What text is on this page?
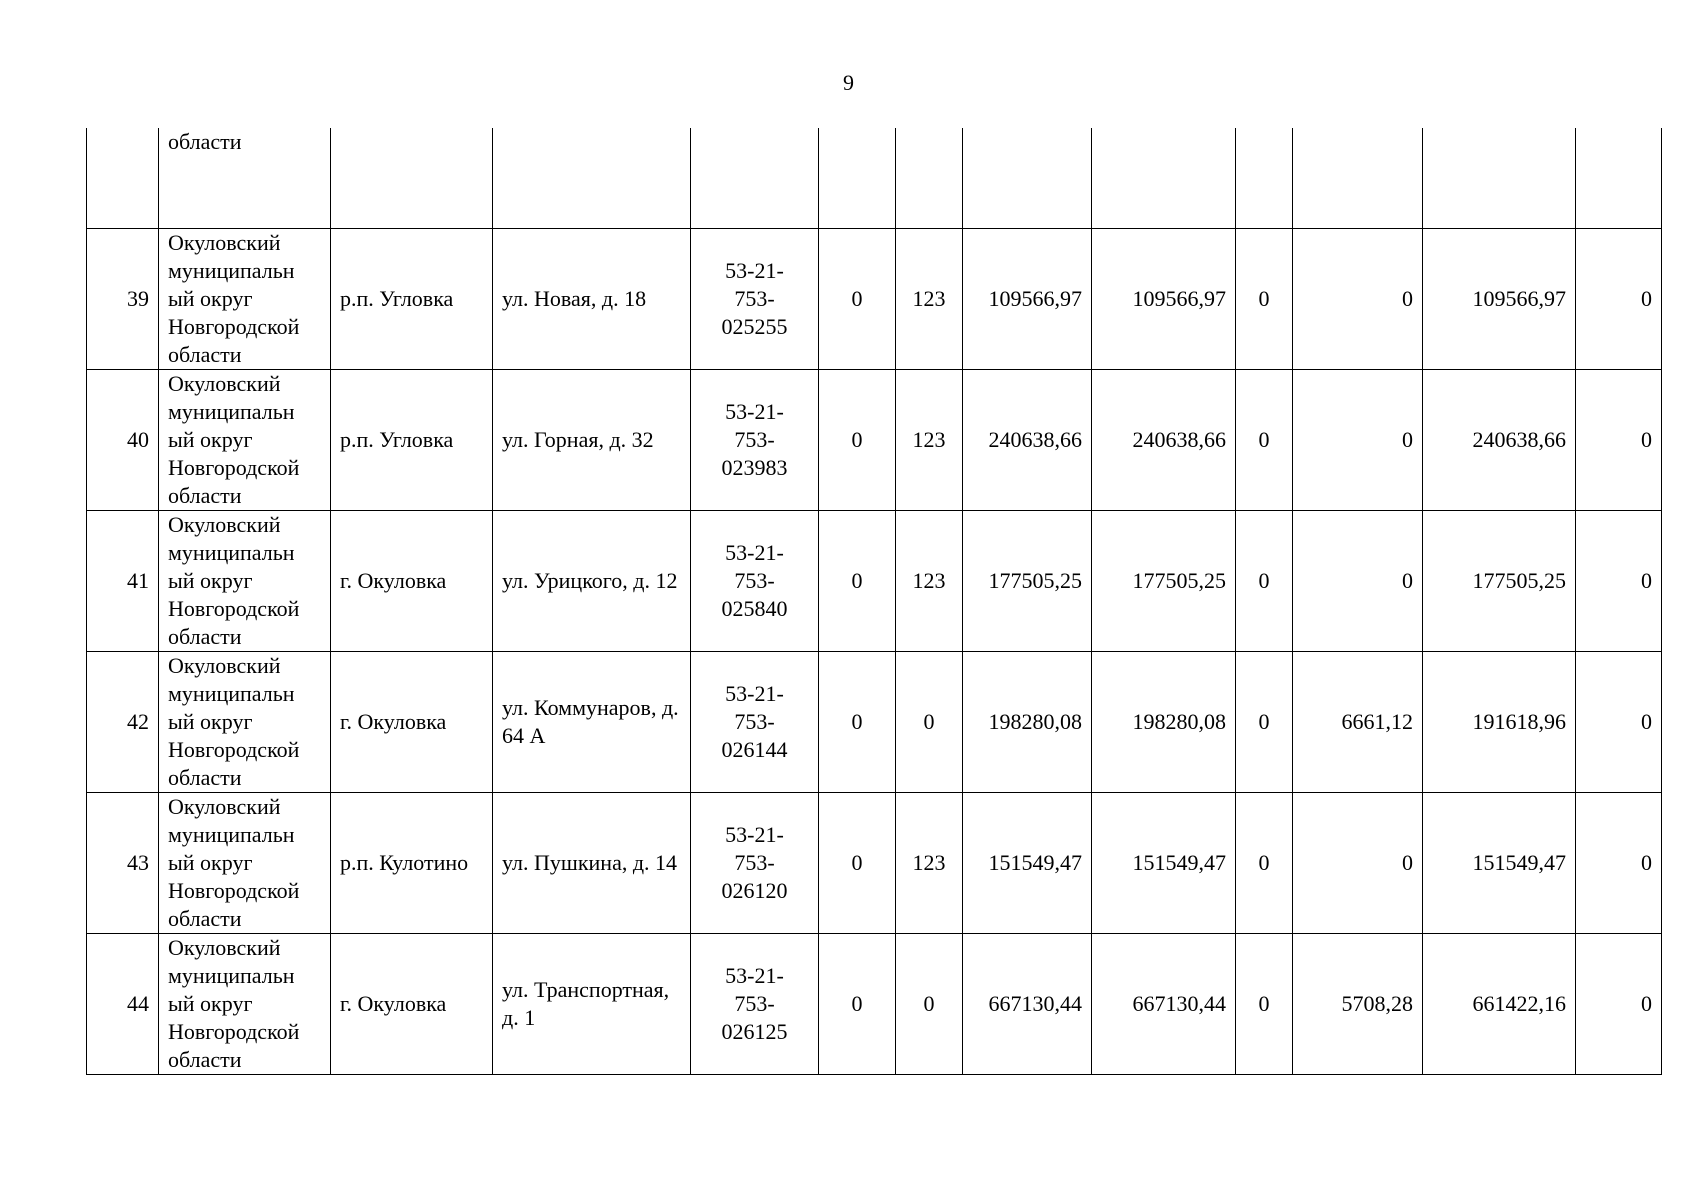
9
	области											
39	Окуловский
муниципальн
ый округ
Новгородской
области	р.п. Угловка	ул. Новая, д. 18	53-21-
753-
025255	0	123	109566,97	109566,97	0	0	109566,97	0
40	Окуловский
муниципальн
ый округ
Новгородской
области	р.п. Угловка	ул. Горная, д. 32	53-21-
753-
023983	0	123	240638,66	240638,66	0	0	240638,66	0
41	Окуловский
муниципальн
ый округ
Новгородской
области	г. Окуловка	ул. Урицкого, д. 12	53-21-
753-
025840	0	123	177505,25	177505,25	0	0	177505,25	0
42	Окуловский
муниципальн
ый округ
Новгородской
области	г. Окуловка	ул. Коммунаров, д. 64 А	53-21-
753-
026144	0	0	198280,08	198280,08	0	6661,12	191618,96	0
43	Окуловский
муниципальн
ый округ
Новгородской
области	р.п. Кулотино	ул. Пушкина, д. 14	53-21-
753-
026120	0	123	151549,47	151549,47	0	0	151549,47	0
44	Окуловский
муниципальн
ый округ
Новгородской
области	г. Окуловка	ул. Транспортная, д. 1	53-21-
753-
026125	0	0	667130,44	667130,44	0	5708,28	661422,16	0
